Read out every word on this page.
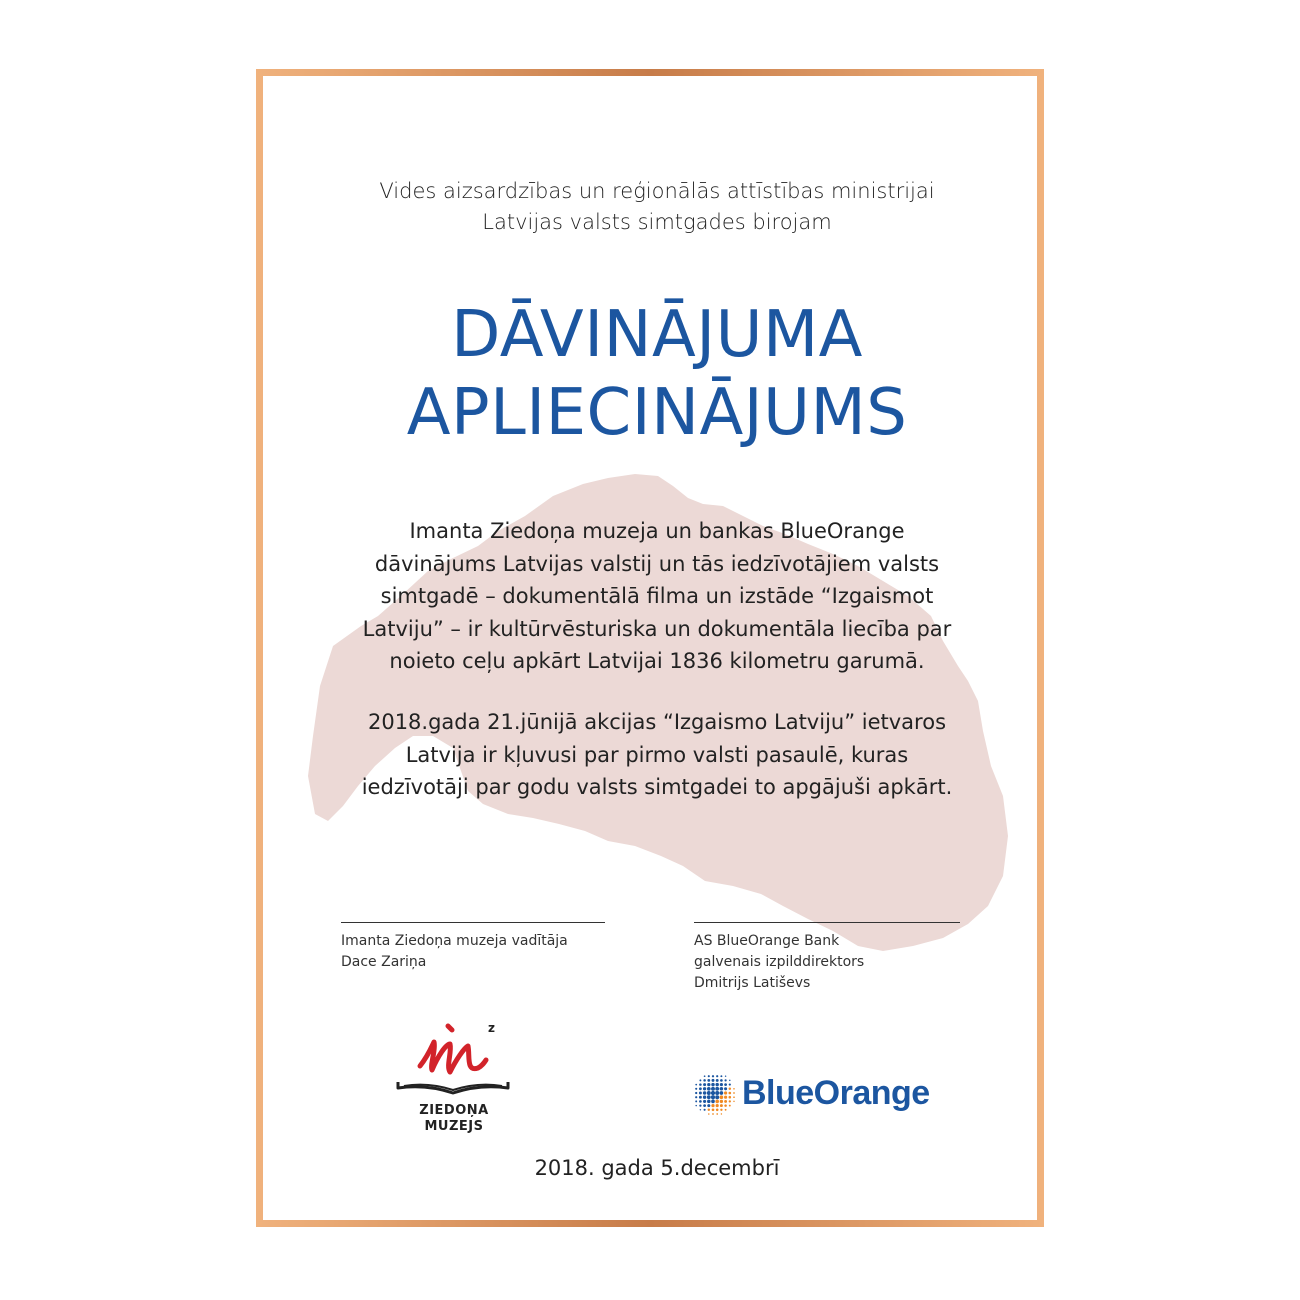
Vides aizsardzības un reģionālās attīstības ministrijai
Latvijas valsts simtgades birojam
DĀVINĀJUMA
APLIECINĀJUMS
Imanta Ziedoņa muzeja un bankas BlueOrange
dāvinājums Latvijas valstij un tās iedzīvotājiem valsts
simtgadē – dokumentālā filma un izstāde “Izgaismot
Latviju” – ir kultūrvēsturiska un dokumentāla liecība par
noieto ceļu apkārt Latvijai 1836 kilometru garumā.
2018.gada 21.jūnijā akcijas “Izgaismo Latviju” ietvaros
Latvija ir kļuvusi par pirmo valsti pasaulē, kuras
iedzīvotāji par godu valsts simtgadei to apgājuši apkārt.
Imanta Ziedoņa muzeja vadītāja
Dace Zariņa
AS BlueOrange Bank
galvenais izpilddirektors
Dmitrijs Latiševs
z
ZIEDOŅA
MUZEJS
BlueOrange
2018. gada 5.decembrī
